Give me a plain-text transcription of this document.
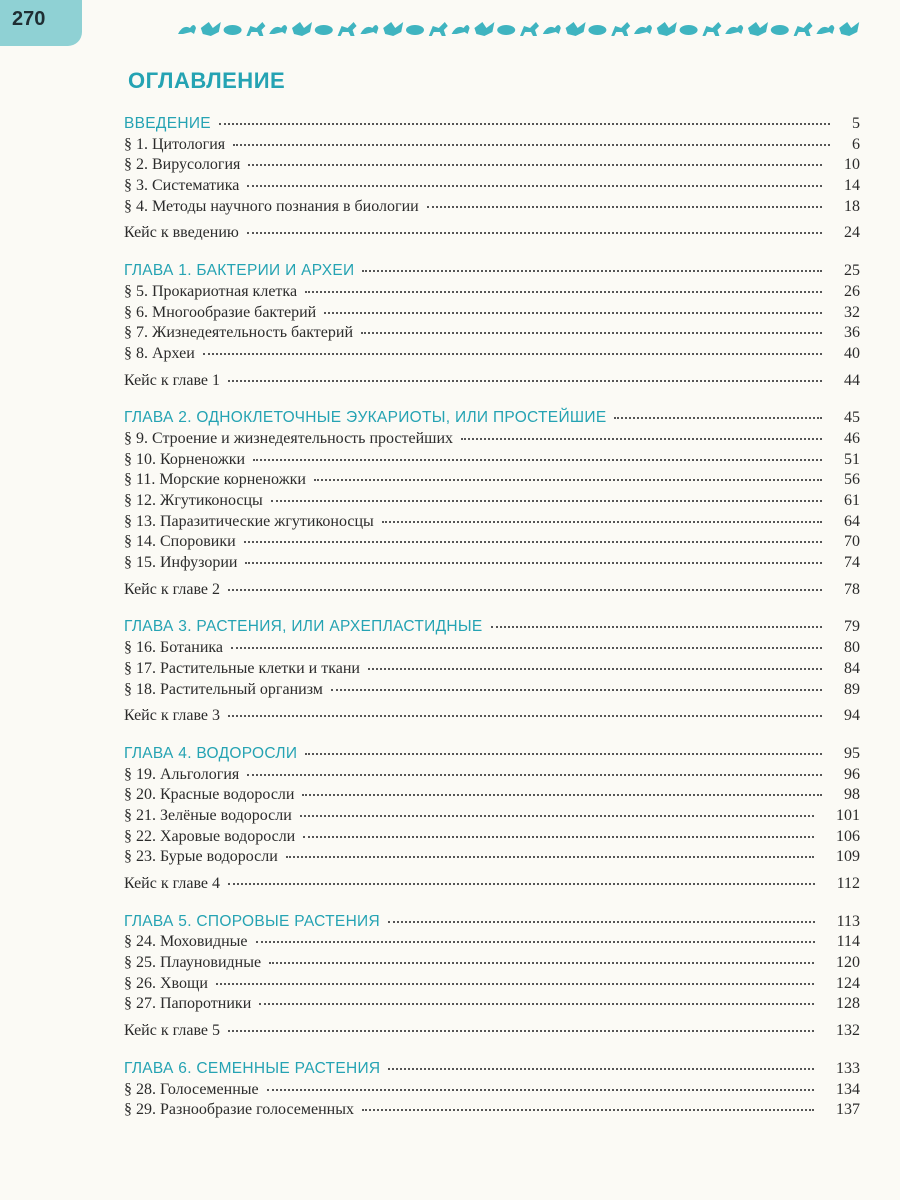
270
ОГЛАВЛЕНИЕ
ВВЕДЕНИЕ	5
§ 1. Цитология	6
§ 2. Вирусология	10
§ 3. Систематика	14
§ 4. Методы научного познания в биологии	18
Кейс к введению	24
ГЛАВА 1. БАКТЕРИИ И АРХЕИ	25
§ 5. Прокариотная клетка	26
§ 6. Многообразие бактерий	32
§ 7. Жизнедеятельность бактерий	36
§ 8. Археи	40
Кейс к главе 1	44
ГЛАВА 2. ОДНОКЛЕТОЧНЫЕ ЭУКАРИОТЫ, ИЛИ ПРОСТЕЙШИЕ	45
§ 9. Строение и жизнедеятельность простейших	46
§ 10. Корненожки	51
§ 11. Морские корненожки	56
§ 12. Жгутиконосцы	61
§ 13. Паразитические жгутиконосцы	64
§ 14. Споровики	70
§ 15. Инфузории	74
Кейс к главе 2	78
ГЛАВА 3. РАСТЕНИЯ, ИЛИ АРХЕПЛАСТИДНЫЕ	79
§ 16. Ботаника	80
§ 17. Растительные клетки и ткани	84
§ 18. Растительный организм	89
Кейс к главе 3	94
ГЛАВА 4. ВОДОРОСЛИ	95
§ 19. Альгология	96
§ 20. Красные водоросли	98
§ 21. Зелёные водоросли	101
§ 22. Харовые водоросли	106
§ 23. Бурые водоросли	109
Кейс к главе 4	112
ГЛАВА 5. СПОРОВЫЕ РАСТЕНИЯ	113
§ 24. Моховидные	114
§ 25. Плауновидные	120
§ 26. Хвощи	124
§ 27. Папоротники	128
Кейс к главе 5	132
ГЛАВА 6. СЕМЕННЫЕ РАСТЕНИЯ	133
§ 28. Голосеменные	134
§ 29. Разнообразие голосеменных	137
